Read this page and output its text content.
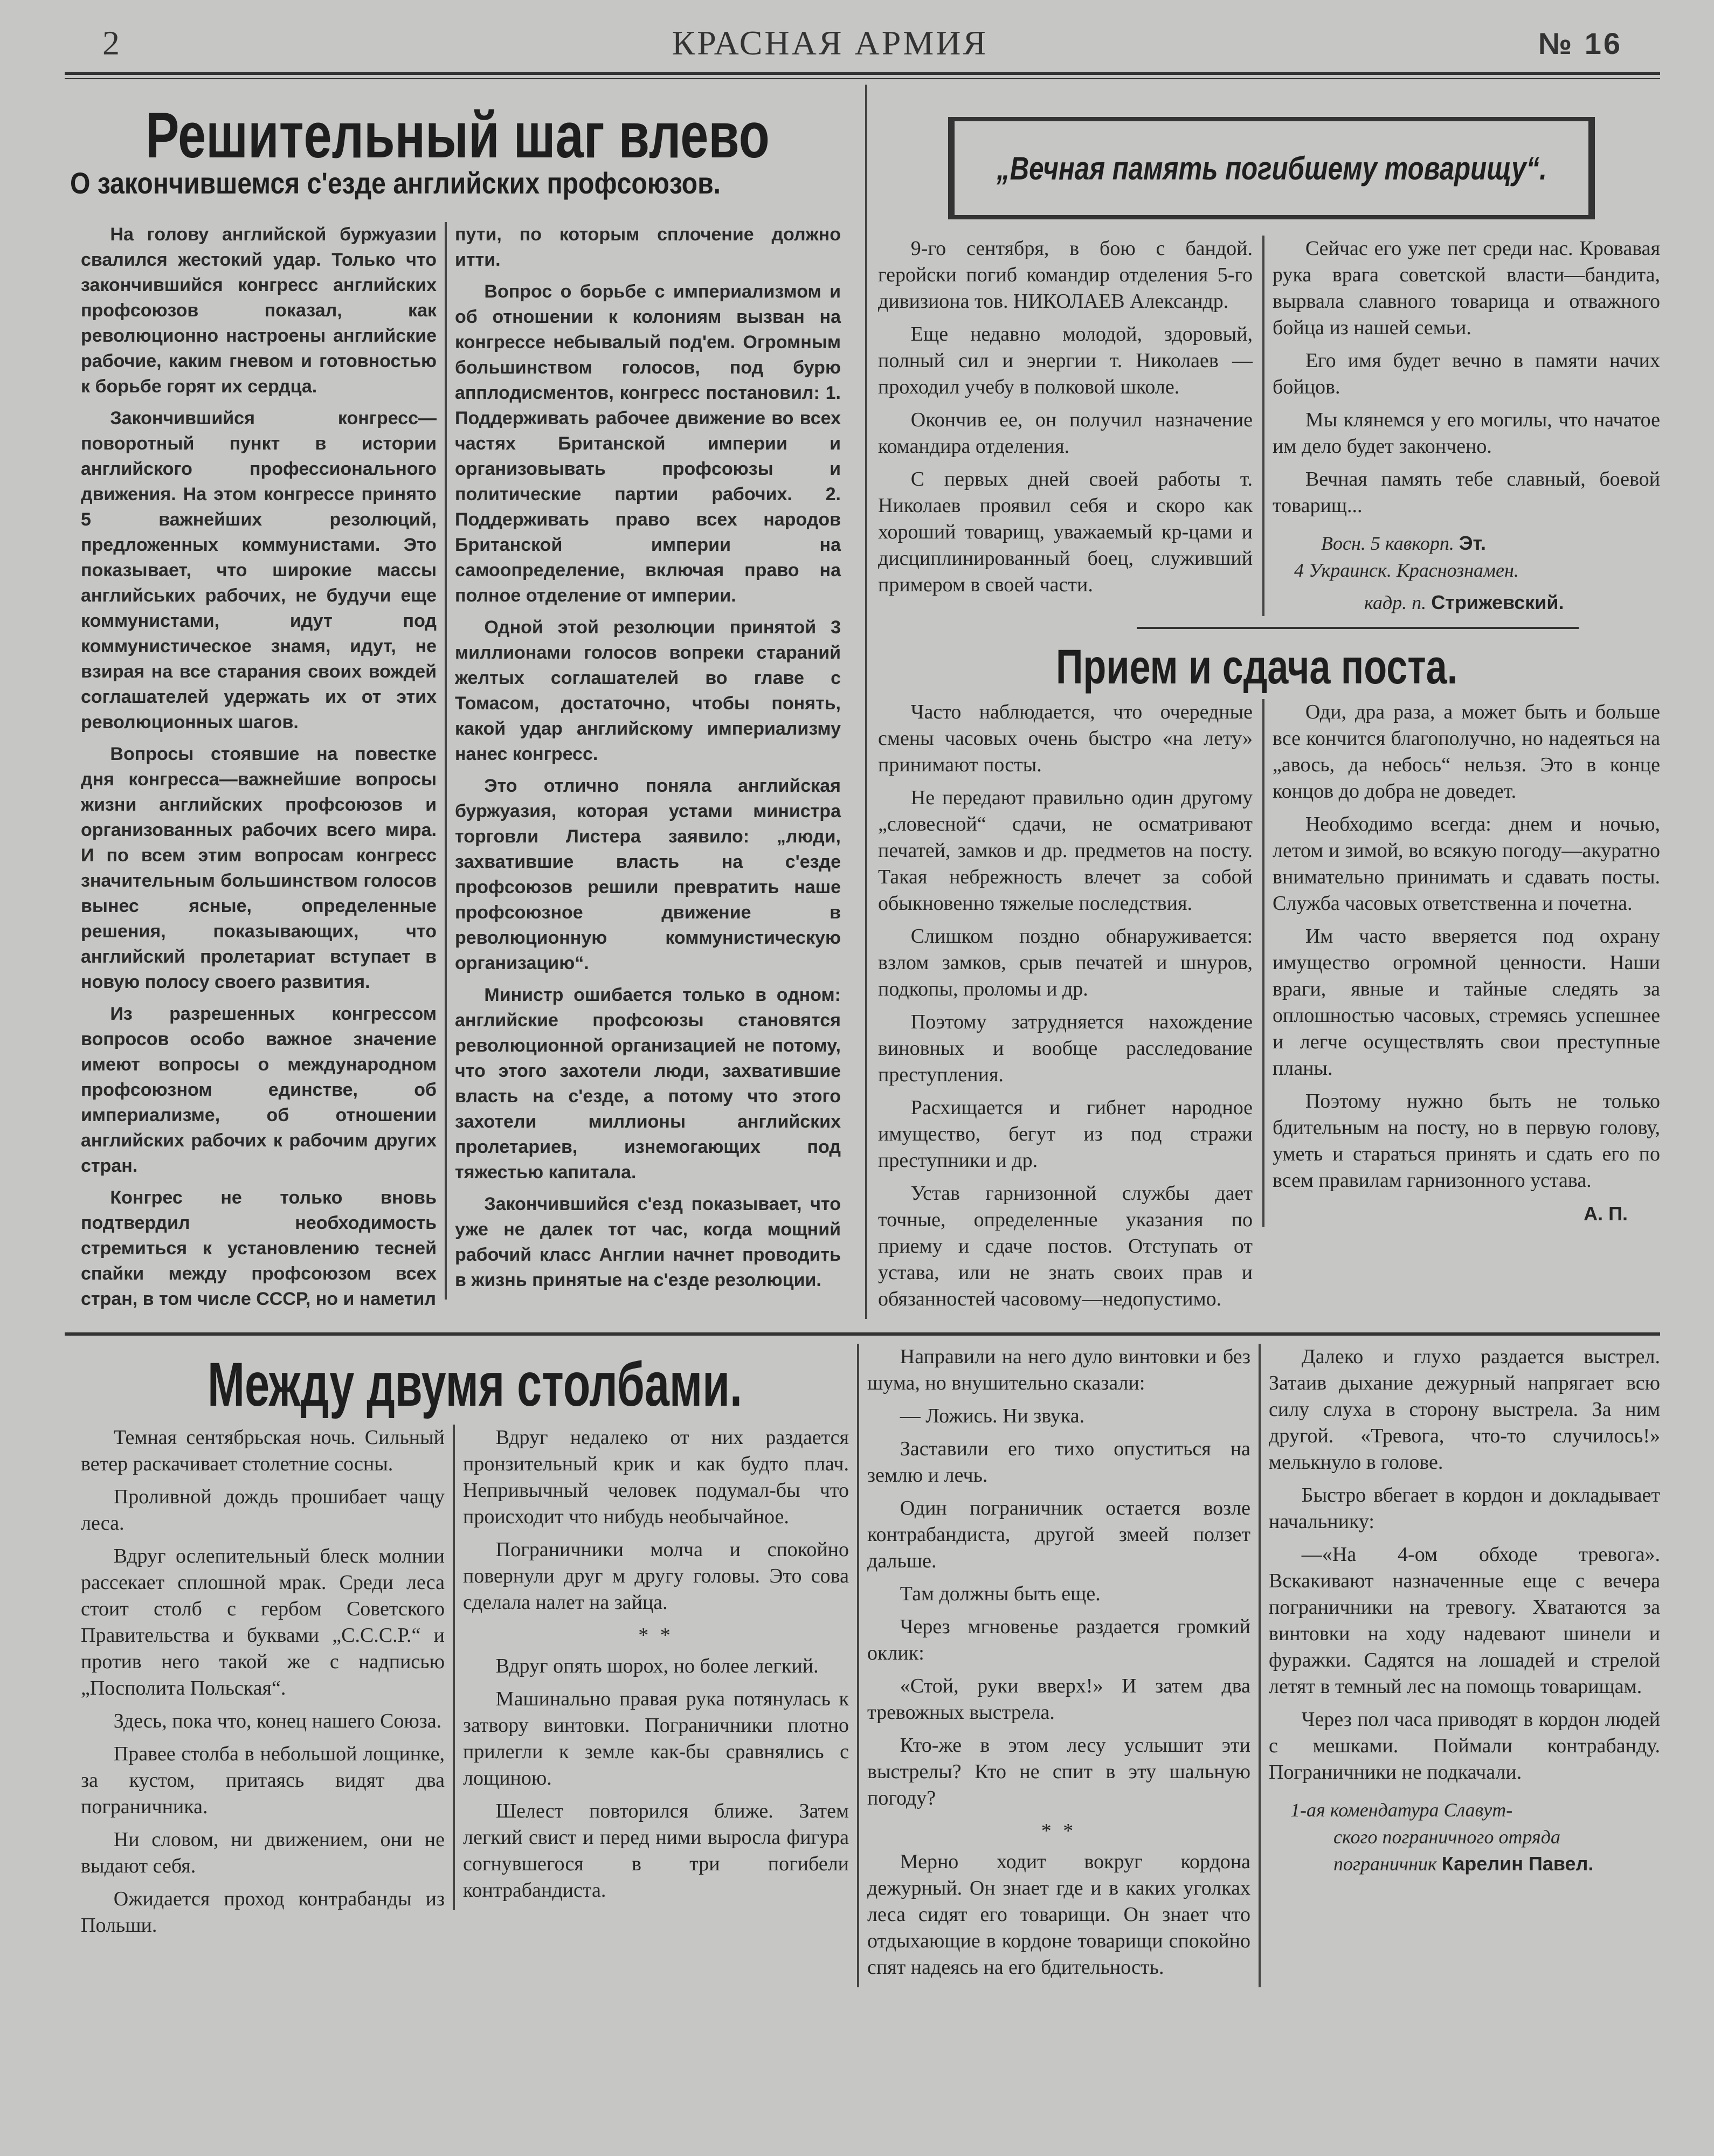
2	КРАСНАЯ АРМИЯ	№ 16
Решительный шаг влево
О закончившемся с'езде английских профсоюзов.

На голову английской буржуазии свалился жестокий удар. Только что закончившийся конгресс английских профсоюзов показал, как революционно настроены английские рабочие, каким гневом и готовностью к борьбе горят их сердца.

Закончившийся конгресс—поворотный пункт в истории английского профессионального движения. На этом конгрессе принято 5 важнейших резолюций, предложенных коммунистами. Это показывает, что широкие массы английських рабочих, не будучи еще коммунистами, идут под коммунистическое знамя, идут, не взирая на все старания своих вождей соглашателей удержать их от этих революционных шагов.

Вопросы стоявшие на повестке дня конгресса—важнейшие вопросы жизни английских профсоюзов и организованных рабочих всего мира. И по всем этим вопросам конгресс значительным большинством голосов вынес ясные, определенные решения, показывающих, что английский пролетариат вступает в новую полосу своего развития.

Из разрешенных конгрессом вопросов особо важное значение имеют вопросы о международном профсоюзном единстве, об империализме, об отношении английских рабочих к рабочим других стран.

Конгрес не только вновь подтвердил необходимость стремиться к установлению тесней спайки между профсоюзом всех стран, в том числе СССР, но и наметил

пути, по которым сплочение должно итти.

Вопрос о борьбе с империализмом и об отношении к колониям вызван на конгрессе небывалый под'ем. Огромным большинством голосов, под бурю апплодисментов, конгресс постановил: 1. Поддерживать рабочее движение во всех частях Британской империи и организовывать профсоюзы и политические партии рабочих. 2. Поддерживать право всех народов Британской империи на самоопределение, включая право на полное отделение от империи.

Одной этой резолюции принятой 3 миллионами голосов вопреки стараний желтых соглашателей во главе с Томасом, достаточно, чтобы понять, какой удар английскому империализму нанес конгресс.

Это отлично поняла английская буржуазия, которая устами министра торговли Листера заявило: „люди, захватившие власть на с'езде профсоюзов решили превратить наше профсоюзное движение в революционную коммунистическую организацию“.

Министр ошибается только в одном: английские профсоюзы становятся революционной организацией не потому, что этого захотели люди, захватившие власть на с'езде, а потому что этого захотели миллионы английских пролетариев, изнемогающих под тяжестью капитала.

Закончившийся с'езд показывает, что уже не далек тот час, когда мощний рабочий класс Англии начнет проводить в жизнь принятые на с'езде резолюции.

„Вечная память погибшему товарищу“.

9-го сентября, в бою с бандой. геройски погиб командир отделения 5-го дивизиона тов. НИКОЛАЕВ Александр.

Еще недавно молодой, здоровый, полный сил и энергии т. Николаев — проходил учебу в полковой школе.

Окончив ее, он получил назначение командира отделения.

С первых дней своей работы т. Николаев проявил себя и скоро как хороший товарищ, уважаемый кр-цами и дисциплинированный боец, служивший примером в своей части.

Сейчас его уже пет среди нас. Кровавая рука врага советской власти—бандита, вырвала славного товарица и отважного бойца из нашей семьи.

Его имя будет вечно в памяти начих бойцов.

Мы клянемся у его могилы, что начатое им дело будет закончено.

Вечная память тебе славный, боевой товарищ...

Восн. 5 кавкорп. Эт.
4 Украинск. Краснознамен.
кадр. п. Стрижевский.
Прием и сдача поста.

Часто наблюдается, что очередные смены часовых очень быстро «на лету» принимают посты.

Не передают правильно один другому „словесной“ сдачи, не осматривают печатей, замков и др. предметов на посту. Такая небрежность влечет за собой обыкновенно тяжелые последствия.

Слишком поздно обнаруживается: взлом замков, срыв печатей и шнуров, подкопы, проломы и др.

Поэтому затрудняется нахождение виновных и вообще расследование преступления.

Расхищается и гибнет народное имущество, бегут из под стражи преступники и др.

Устав гарнизонной службы дает точные, определенные указания по приему и сдаче постов. Отступать от устава, или не знать своих прав и обязанностей часовому—недопустимо.

Оди, дра раза, а может быть и больше все кончится благополучно, но надеяться на „авось, да небось“ нельзя. Это в конце концов до добра не доведет.

Необходимо всегда: днем и ночью, летом и зимой, во всякую погоду—акуратно внимательно принимать и сдавать посты. Служба часовых ответственна и почетна.

Им часто вверяется под охрану имущество огромной ценности. Наши враги, явные и тайные следять за оплошностью часовых, стремясь успешнее и легче осуществлять свои преступные планы.

Поэтому нужно быть не только бдительным на посту, но в первую голову, уметь и стараться принять и сдать его по всем правилам гарнизонного устава.

А. П.
Между двумя столбами.

Темная сентябрьская ночь. Сильный ветер раскачивает столетние сосны.

Проливной дождь прошибает чащу леса.

Вдруг ослепительный блеск молнии рассекает сплошной мрак. Среди леса стоит столб с гербом Советского Правительства и буквами „С.С.С.Р.“ и против него такой же с надписью „Посполита Польская“.

Здесь, пока что, конец нашего Союза.

Правее столба в небольшой лощинке, за кустом, притаясь видят два пограничника.

Ни словом, ни движением, они не выдают себя.

Ожидается проход контрабанды из Польши.

Вдруг недалеко от них раздается пронзительный крик и как будто плач. Непривычный человек подумал-бы что происходит что нибудь необычайное.

Пограничники молча и спокойно повернули друг м другу головы. Это сова сделала налет на зайца.

* *

Вдруг опять шорох, но более легкий.

Машинально правая рука потянулась к затвору винтовки. Пограничники плотно прилегли к земле как-бы сравнялись с лощиною.

Шелест повторился ближе. Затем легкий свист и перед ними выросла фигура согнувшегося в три погибели контрабандиста.

Направили на него дуло винтовки и без шума, но внушительно сказали:

— Ложись. Ни звука.

Заставили его тихо опуститься на землю и лечь.

Один пограничник остается возле контрабандиста, другой змеей ползет дальше.

Там должны быть еще.

Через мгновенье раздается громкий оклик:

«Стой, руки вверх!» И затем два тревожных выстрела.

Кто-же в этом лесу услышит эти выстрелы? Кто не спит в эту шальную погоду?

* *

Мерно ходит вокруг кордона дежурный. Он знает где и в каких уголках леса сидят его товарищи. Он знает что отдыхающие в кордоне товарищи спокойно спят надеясь на его бдительность.

Далеко и глухо раздается выстрел. Затаив дыхание дежурный напрягает всю силу слуха в сторону выстрела. За ним другой. «Тревога, что-то случилось!» мелькнуло в голове.

Быстро вбегает в кордон и докладывает начальнику:

—«На 4-ом обходе тревога». Вскакивают назначенные еще с вечера пограничники на тревогу. Хватаются за винтовки на ходу надевают шинели и фуражки. Садятся на лошадей и стрелой летят в темный лес на помощь товарищам.

Через пол часа приводят в кордон людей с мешками. Поймали контрабанду. Пограничники не подкачали.

1-ая комендатура Славут-
ского пограничного отряда
пограничник Карелин Павел.
